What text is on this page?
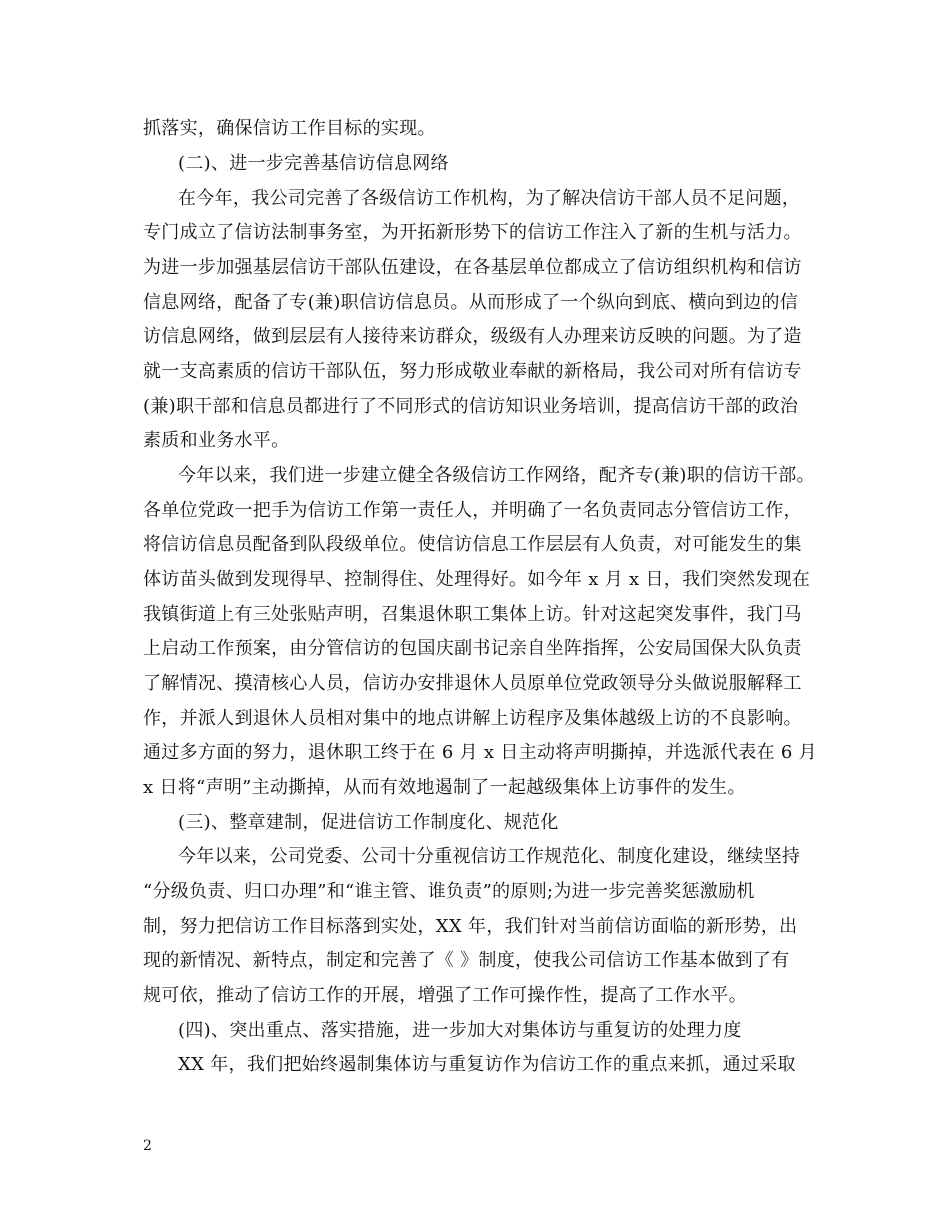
抓落实，确保信访工作目标的实现。
(二)、进一步完善基信访信息网络
在今年，我公司完善了各级信访工作机构，为了解决信访干部人员不足问题，
专门成立了信访法制事务室，为开拓新形势下的信访工作注入了新的生机与活力。
为进一步加强基层信访干部队伍建设，在各基层单位都成立了信访组织机构和信访
信息网络，配备了专(兼)职信访信息员。从而形成了一个纵向到底、横向到边的信
访信息网络，做到层层有人接待来访群众，级级有人办理来访反映的问题。为了造
就一支高素质的信访干部队伍，努力形成敬业奉献的新格局，我公司对所有信访专
(兼)职干部和信息员都进行了不同形式的信访知识业务培训，提高信访干部的政治
素质和业务水平。
今年以来，我们进一步建立健全各级信访工作网络，配齐专(兼)职的信访干部。
各单位党政一把手为信访工作第一责任人，并明确了一名负责同志分管信访工作，
将信访信息员配备到队段级单位。使信访信息工作层层有人负责，对可能发生的集
体访苗头做到发现得早、控制得住、处理得好。如今年 x 月 x 日，我们突然发现在
我镇街道上有三处张贴声明，召集退休职工集体上访。针对这起突发事件，我门马
上启动工作预案，由分管信访的包国庆副书记亲自坐阵指挥，公安局国保大队负责
了解情况、摸清核心人员，信访办安排退休人员原单位党政领导分头做说服解释工
作，并派人到退休人员相对集中的地点讲解上访程序及集体越级上访的不良影响。
通过多方面的努力，退休职工终于在 6 月 x 日主动将声明撕掉，并选派代表在 6 月
x 日将“声明”主动撕掉，从而有效地遏制了一起越级集体上访事件的发生。
(三)、整章建制，促进信访工作制度化、规范化
今年以来，公司党委、公司十分重视信访工作规范化、制度化建设，继续坚持
“分级负责、归口办理”和“谁主管、谁负责”的原则;为进一步完善奖惩激励机
制，努力把信访工作目标落到实处，XX 年，我们针对当前信访面临的新形势，出
现的新情况、新特点，制定和完善了《 》制度，使我公司信访工作基本做到了有
规可依，推动了信访工作的开展，增强了工作可操作性，提高了工作水平。
(四)、突出重点、落实措施，进一步加大对集体访与重复访的处理力度
XX 年，我们把始终遏制集体访与重复访作为信访工作的重点来抓，通过采取
2
